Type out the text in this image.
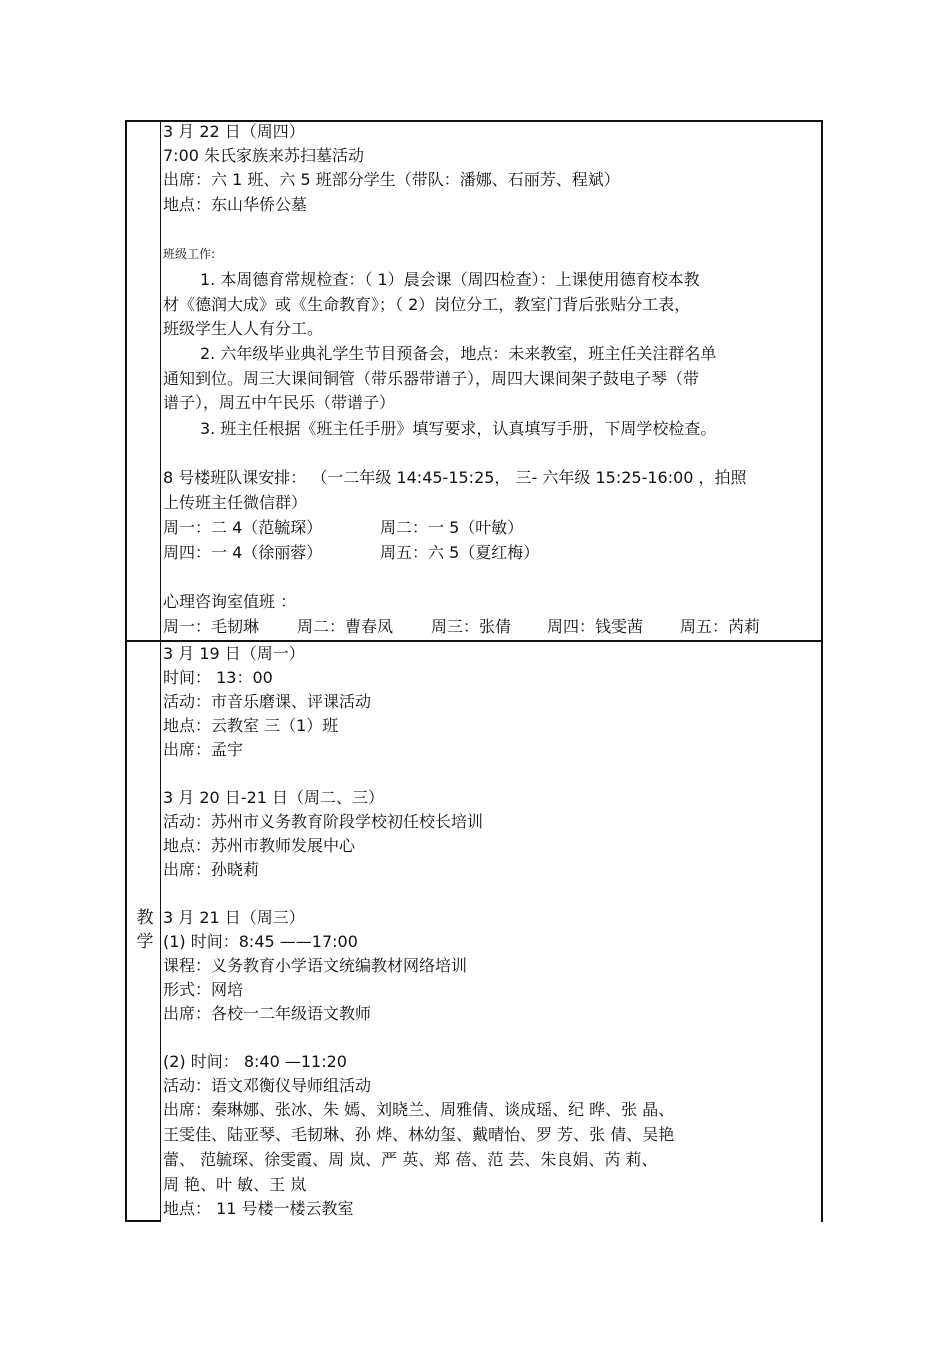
3 月 22 日（周四）
7:00 朱氏家族来苏扫墓活动
出席：六 1 班、六 5 班部分学生（带队：潘娜、石丽芳、程斌）
地点：东山华侨公墓
班级工作:
1. 本周德育常规检查：（ 1）晨会课（周四检查）：上课使用德育校本教
材《德润大成》或《生命教育》；（ 2）岗位分工，教室门背后张贴分工表，
班级学生人人有分工。
2. 六年级毕业典礼学生节目预备会，地点：未来教室，班主任关注群名单
通知到位。周三大课间铜管（带乐器带谱子），周四大课间架子鼓电子琴（带
谱子），周五中午民乐（带谱子）
3. 班主任根据《班主任手册》填写要求，认真填写手册，下周学校检查。
8 号楼班队课安排： （一二年级 14:45-15:25， 三- 六年级 15:25-16:00 ，拍照
上传班主任微信群）
周一：二 4（范毓琛）	周二：一 5（叶敏）
周四：一 4（徐丽蓉）	周五：六 5（夏红梅）
心理咨询室值班 ：
周一：毛韧琳 周二：曹春凤 周三：张倩 周四：钱雯茜 周五：芮莉
教学
3 月 19 日（周一）
时间： 13：00
活动：市音乐磨课、评课活动
地点：云教室 三（1）班
出席：孟宇
3 月 20 日-21 日（周二、三）
活动：苏州市义务教育阶段学校初任校长培训
地点：苏州市教师发展中心
出席：孙晓莉
3 月 21 日（周三）
(1) 时间：8:45 ——17:00
课程：义务教育小学语文统编教材网络培训
形式：网培
出席：各校一二年级语文教师
(2) 时间： 8:40 —11:20
活动：语文邓衡仪导师组活动
出席：秦琳娜、张冰、朱 嫣、刘晓兰、周雅倩、谈成瑶、纪 晔、张 晶、
王雯佳、陆亚琴、毛韧琳、孙 烨、林幼玺、戴晴怡、罗 芳、张 倩、吴艳
蕾、 范毓琛、徐雯霞、周 岚、严 英、郑 蓓、范 芸、朱良娟、芮 莉、
周 艳、叶 敏、王 岚
地点： 11 号楼一楼云教室
